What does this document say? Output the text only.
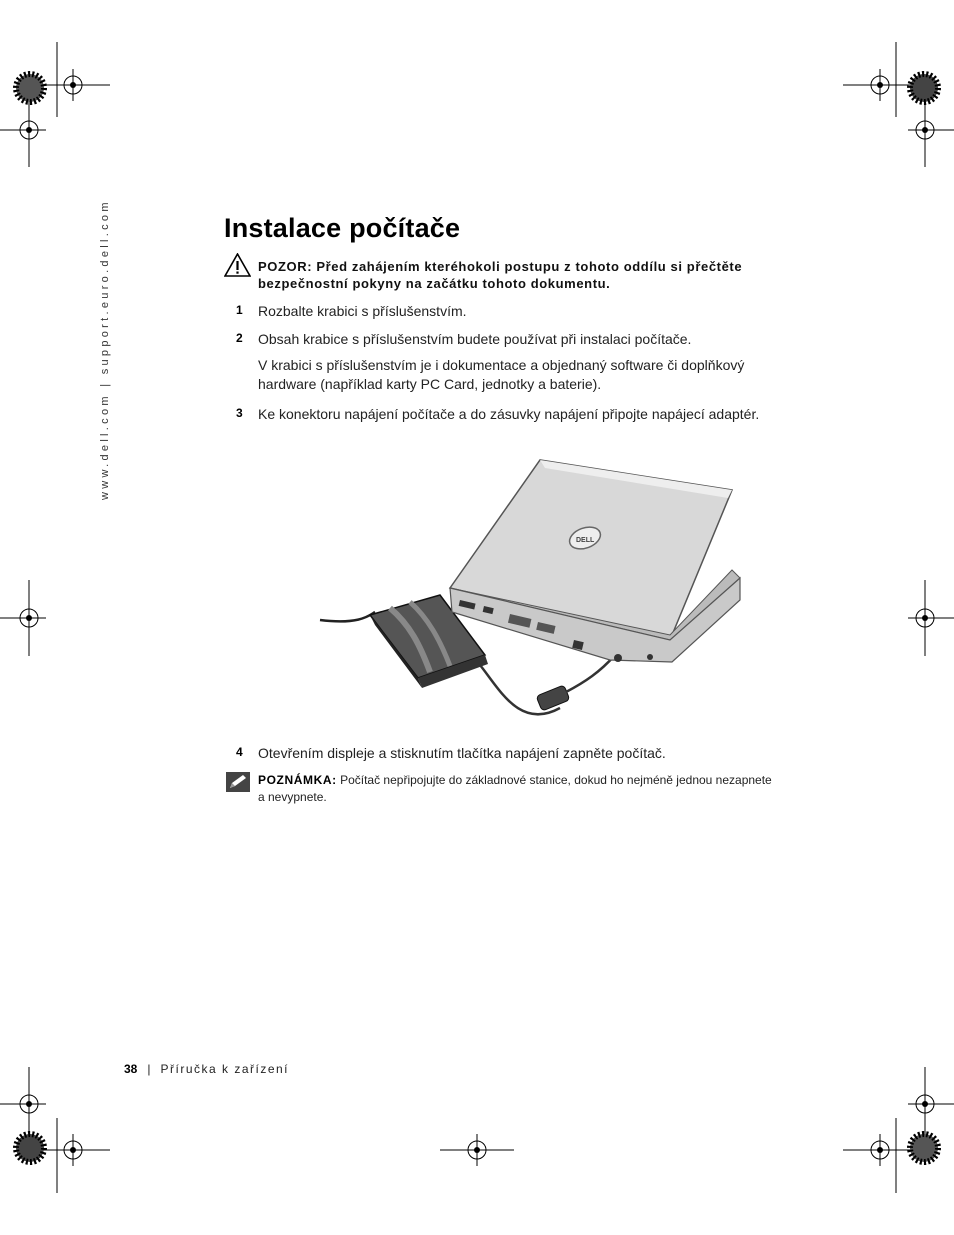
www.dell.com | support.euro.dell.com	Instalace počítače
POZOR: Před zahájením kteréhokoli postupu z tohoto oddílu si přečtěte bezpečnostní pokyny na začátku tohoto dokumentu.
1 Rozbalte krabici s příslušenstvím.
2 Obsah krabice s příslušenstvím budete používat při instalaci počítače.
V krabici s příslušenstvím je i dokumentace a objednaný software či doplňkový hardware (například karty PC Card, jednotky a baterie).
3 Ke konektoru napájení počítače a do zásuvky napájení připojte napájecí adaptér.
DELL
4 Otevřením displeje a stisknutím tlačítka napájení zapněte počítač.
POZNÁMKA: Počítač nepřipojujte do základnové stanice, dokud ho nejméně jednou nezapnete a nevypnete.
38 | Příručka k zařízení
